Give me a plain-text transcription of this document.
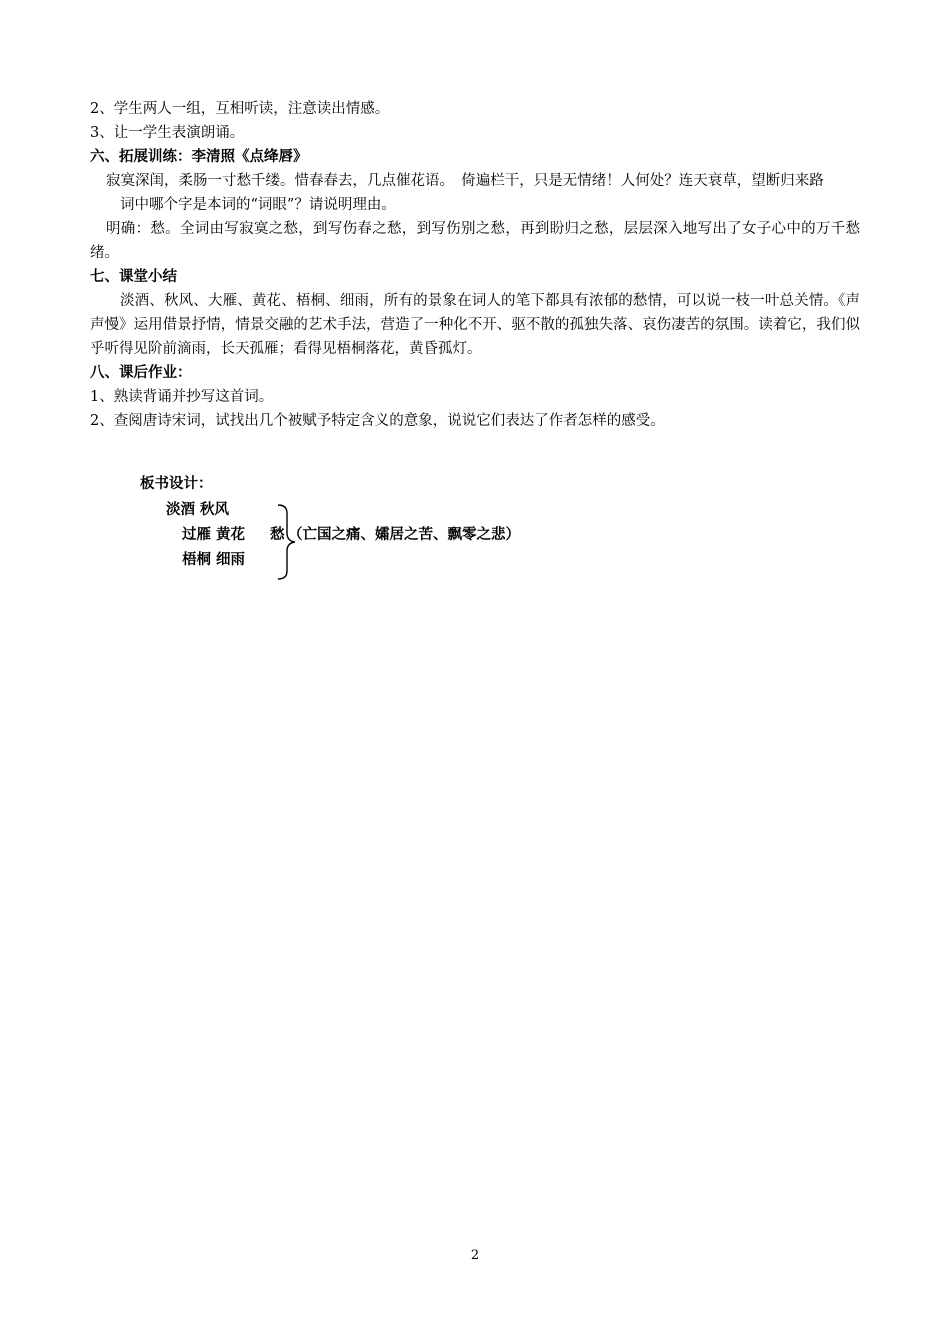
2、学生两人一组，互相听读，注意读出情感。
3、让一学生表演朗诵。
六、拓展训练：李清照《点绛唇》
寂寞深闺，柔肠一寸愁千缕。惜春春去，几点催花语。　倚遍栏干，只是无情绪！人何处？连天衰草，望断归来路
词中哪个字是本词的“词眼”？请说明理由。
明确：愁。全词由写寂寞之愁，到写伤春之愁，到写伤别之愁，再到盼归之愁，层层深入地写出了女子心中的万千愁绪。
七、课堂小结
淡酒、秋风、大雁、黄花、梧桐、细雨，所有的景象在词人的笔下都具有浓郁的愁情，可以说一枝一叶总关情。《声声慢》运用借景抒情，情景交融的艺术手法，营造了一种化不开、驱不散的孤独失落、哀伤凄苦的氛围。读着它，我们似乎听得见阶前滴雨，长天孤雁；看得见梧桐落花，黄昏孤灯。
八、课后作业：
1、熟读背诵并抄写这首词。
2、查阅唐诗宋词，试找出几个被赋予特定含义的意象，说说它们表达了作者怎样的感受。
板书设计：
淡酒 秋风
过雁 黄花
梧桐 细雨
愁 （亡国之痛、孀居之苦、飘零之悲）
2
